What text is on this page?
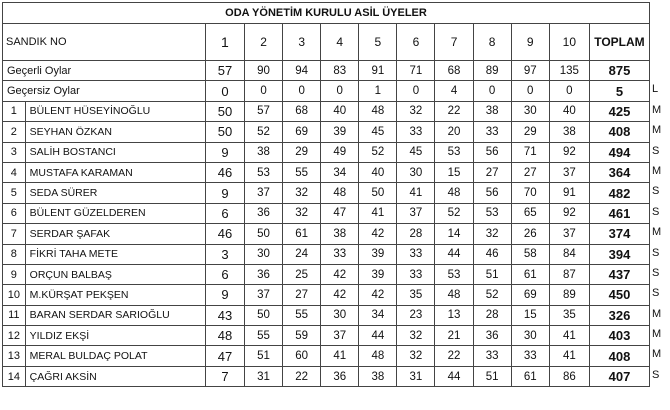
ODA YÖNETİM KURULU ASİL ÜYELER												
SANDIK NO		1	2	3	4	5	6	7	8	9	10	TOPLAM
Geçerli Oylar		57	90	94	83	91	71	68	89	97	135	875
Geçersiz Oylar		0	0	0	0	1	0	4	0	0	0	5
1	BÜLENT HÜSEYİNOĞLU	50	57	68	40	48	32	22	38	30	40	425
2	SEYHAN ÖZKAN	50	52	69	39	45	33	20	33	29	38	408
3	SALİH BOSTANCI	9	38	29	49	52	45	53	56	71	92	494
4	MUSTAFA KARAMAN	46	53	55	34	40	30	15	27	27	37	364
5	SEDA SÜRER	9	37	32	48	50	41	48	56	70	91	482
6	BÜLENT GÜZELDEREN	6	36	32	47	41	37	52	53	65	92	461
7	SERDAR ŞAFAK	46	50	61	38	42	28	14	32	26	37	374
8	FİKRİ TAHA METE	3	30	24	33	39	33	44	46	58	84	394
9	ORÇUN BALBAŞ	6	36	25	42	39	33	53	51	61	87	437
10	M.KÜRŞAT PEKŞEN	9	37	27	42	42	35	48	52	69	89	450
11	BARAN SERDAR SARIOĞLU	43	50	55	30	34	23	13	28	15	35	326
12	YILDIZ EKŞİ	48	55	59	37	44	32	21	36	30	41	403
13	MERAL BULDAÇ POLAT	47	51	60	41	48	32	22	33	33	41	408
14	ÇAĞRI AKSİN	7	31	22	36	38	31	44	51	61	86	407
L
M
M
S
M
S
S
M
S
S
S
M
M
M
S
